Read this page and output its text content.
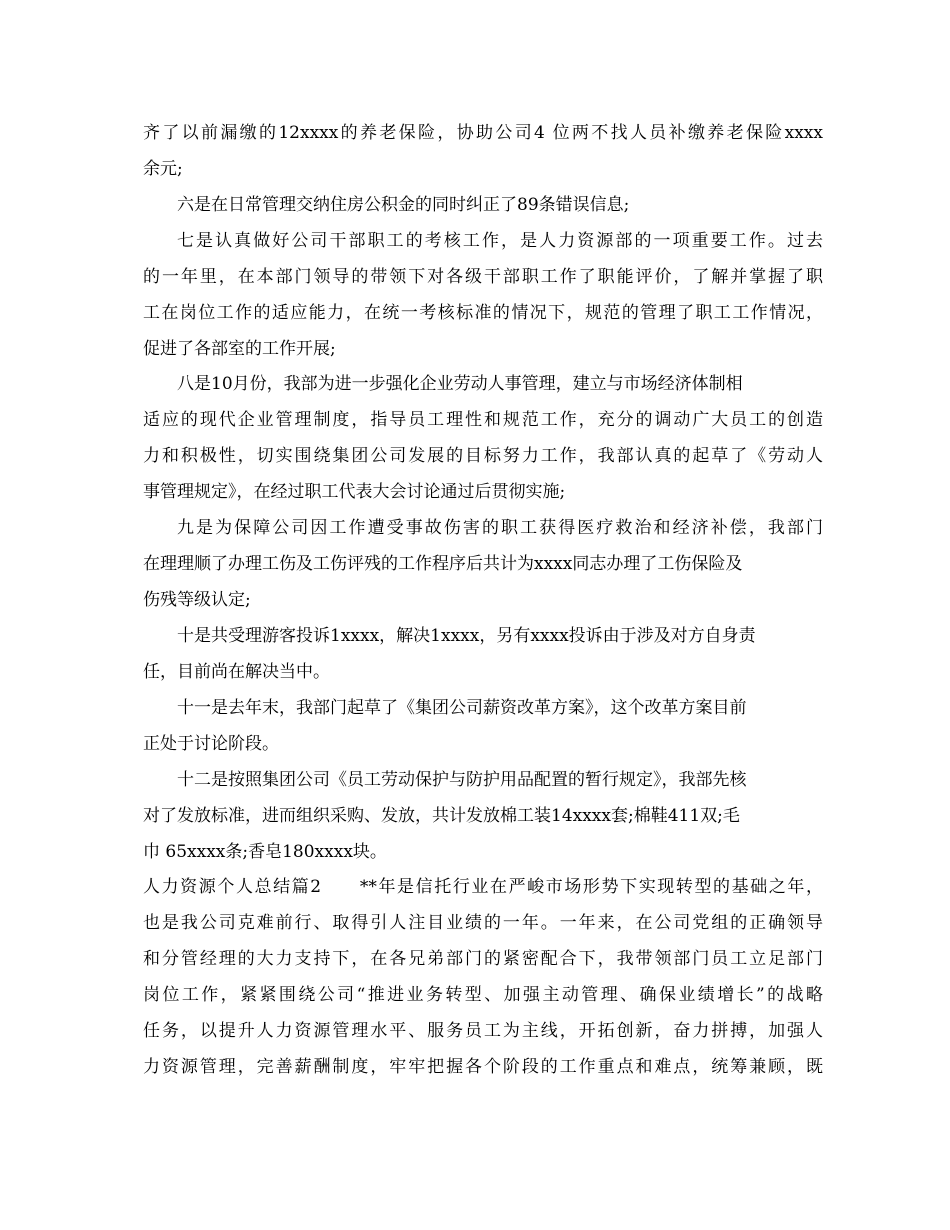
齐了以前漏缴的12xxxx的养老保险，协助公司4 位两不找人员补缴养老保险xxxx
余元;
六是在日常管理交纳住房公积金的同时纠正了89条错误信息;
七是认真做好公司干部职工的考核工作，是人力资源部的一项重要工作。过去
的一年里，在本部门领导的带领下对各级干部职工作了职能评价，了解并掌握了职
工在岗位工作的适应能力，在统一考核标准的情况下，规范的管理了职工工作情况，
促进了各部室的工作开展;
八是10月份，我部为进一步强化企业劳动人事管理，建立与市场经济体制相
适应的现代企业管理制度，指导员工理性和规范工作，充分的调动广大员工的创造
力和积极性，切实围绕集团公司发展的目标努力工作，我部认真的起草了《劳动人
事管理规定》，在经过职工代表大会讨论通过后贯彻实施;
九是为保障公司因工作遭受事故伤害的职工获得医疗救治和经济补偿，我部门
在理理顺了办理工伤及工伤评残的工作程序后共计为xxxx同志办理了工伤保险及
伤残等级认定;
十是共受理游客投诉1xxxx，解决1xxxx，另有xxxx投诉由于涉及对方自身责
任，目前尚在解决当中。
十一是去年末，我部门起草了《集团公司薪资改革方案》，这个改革方案目前
正处于讨论阶段。
十二是按照集团公司《员工劳动保护与防护用品配置的暂行规定》，我部先核
对了发放标准，进而组织采购、发放，共计发放棉工装14xxxx套;棉鞋411双;毛
巾 65xxxx条;香皂180xxxx块。
人力资源个人总结篇2　　**年是信托行业在严峻市场形势下实现转型的基础之年，
也是我公司克难前行、取得引人注目业绩的一年。一年来，在公司党组的正确领导
和分管经理的大力支持下，在各兄弟部门的紧密配合下，我带领部门员工立足部门
岗位工作，紧紧围绕公司“推进业务转型、加强主动管理、确保业绩增长”的战略
任务，以提升人力资源管理水平、服务员工为主线，开拓创新，奋力拼搏，加强人
力资源管理，完善薪酬制度，牢牢把握各个阶段的工作重点和难点，统筹兼顾，既
